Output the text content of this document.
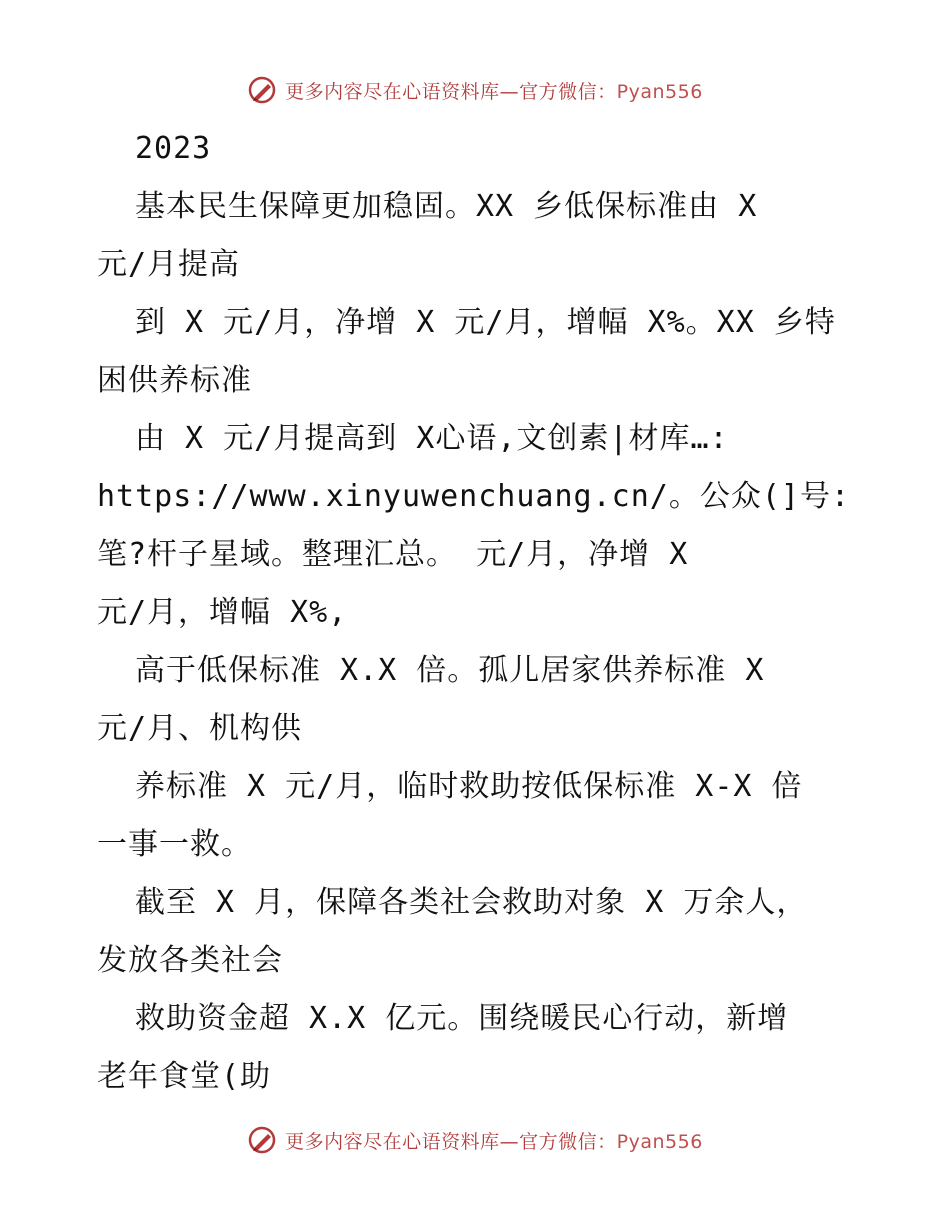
更多内容尽在心语资料库—官方微信：Pyan556
2023
基本民生保障更加稳固。XX 乡低保标准由 X
元/月提高
到 X 元/月，净增 X 元/月，增幅 X%。XX 乡特
困供养标准
由 X 元/月提高到 X心语,文创素|材库…:
https://www.xinyuwenchuang.cn/。公众(]号:
笔?杆子星域。整理汇总。 元/月，净增 X
元/月，增幅 X%,
高于低保标准 X.X 倍。孤儿居家供养标准 X
元/月、机构供
养标准 X 元/月，临时救助按低保标准 X-X 倍
一事一救。
截至 X 月，保障各类社会救助对象 X 万余人，
发放各类社会
救助资金超 X.X 亿元。围绕暖民心行动，新增
老年食堂(助
更多内容尽在心语资料库—官方微信：Pyan556
